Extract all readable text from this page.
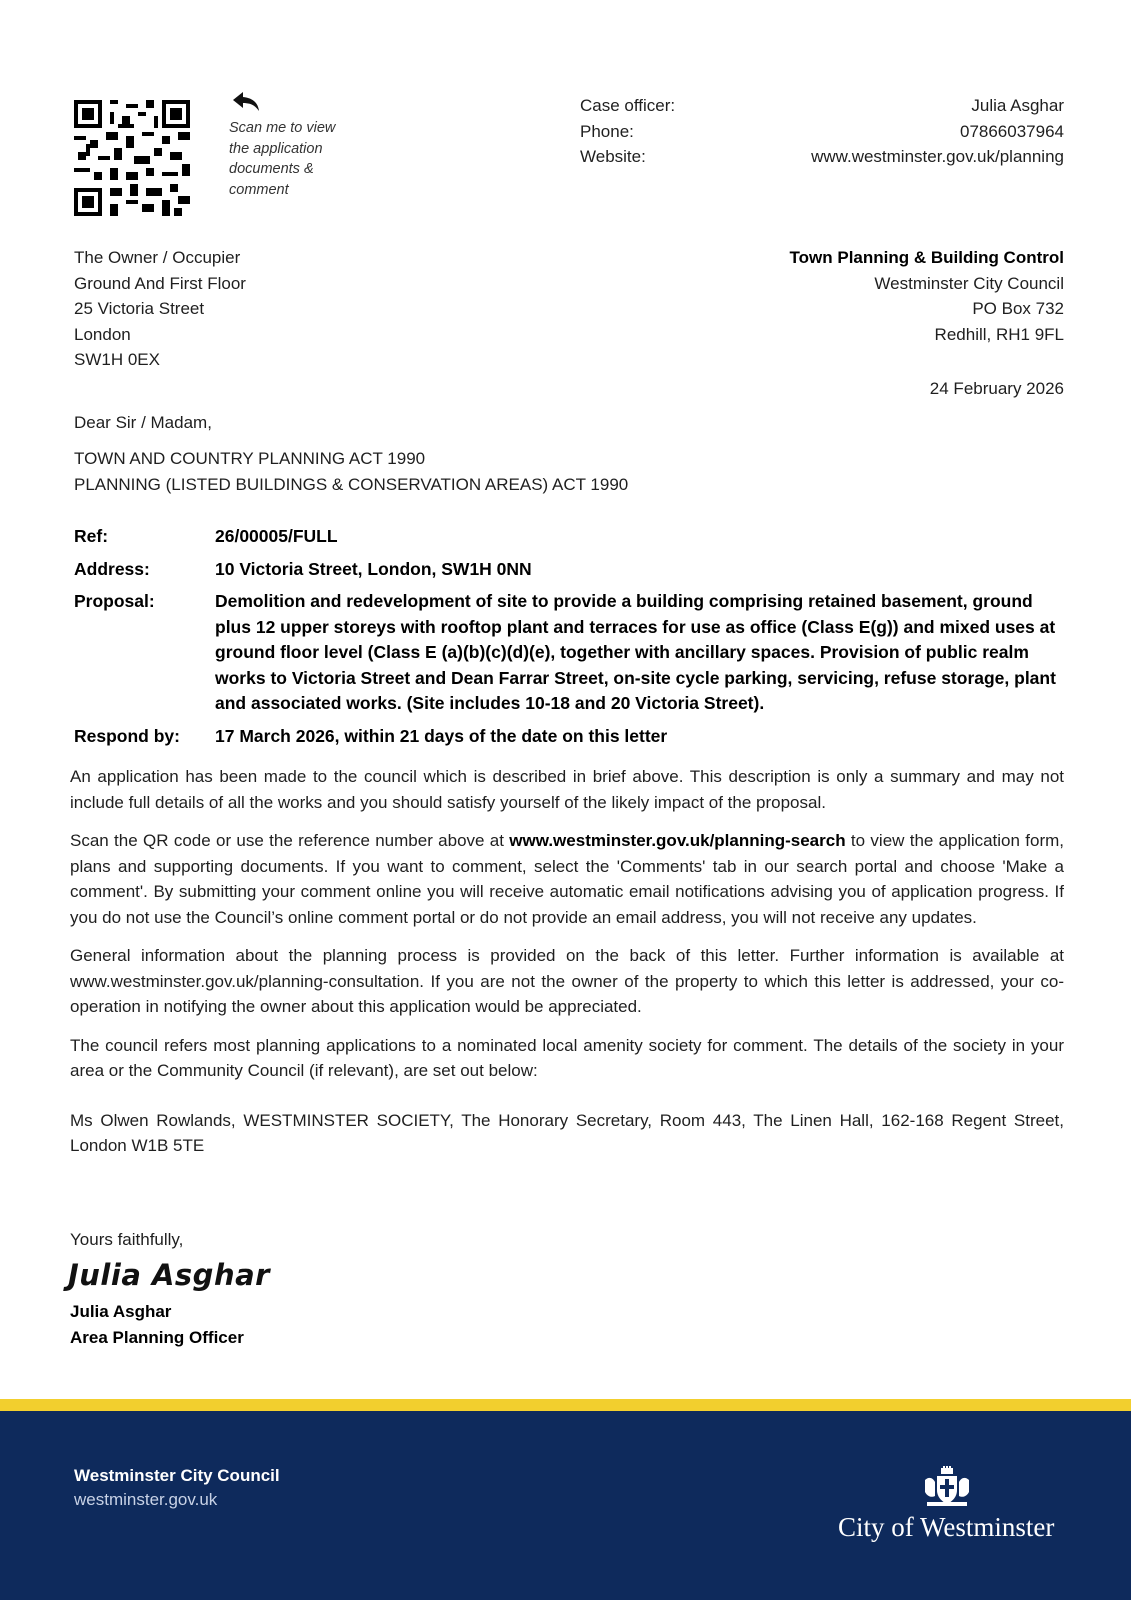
Scan me to view the application documents & comment
Case officer:	Julia Asghar
Phone:	07866037964
Website:	www.westminster.gov.uk/planning
The Owner / Occupier
Ground And First Floor
25 Victoria Street
London
SW1H 0EX
Town Planning & Building Control
Westminster City Council
PO Box 732
Redhill, RH1 9FL
24 February 2026
Dear Sir / Madam,
TOWN AND COUNTRY PLANNING ACT 1990
PLANNING (LISTED BUILDINGS & CONSERVATION AREAS) ACT 1990
Ref:	26/00005/FULL
Address:	10 Victoria Street, London, SW1H 0NN
Proposal:	Demolition and redevelopment of site to provide a building comprising retained basement, ground plus 12 upper storeys with rooftop plant and terraces for use as office (Class E(g)) and mixed uses at ground floor level (Class E (a)(b)(c)(d)(e), together with ancillary spaces. Provision of public realm works to Victoria Street and Dean Farrar Street, on-site cycle parking, servicing, refuse storage, plant and associated works. (Site includes 10-18 and 20 Victoria Street).
Respond by:	17 March 2026, within 21 days of the date on this letter

An application has been made to the council which is described in brief above. This description is only a summary and may not include full details of all the works and you should satisfy yourself of the likely impact of the proposal.

Scan the QR code or use the reference number above at www.westminster.gov.uk/planning-search to view the application form, plans and supporting documents. If you want to comment, select the 'Comments' tab in our search portal and choose 'Make a comment'. By submitting your comment online you will receive automatic email notifications advising you of application progress. If you do not use the Council’s online comment portal or do not provide an email address, you will not receive any updates.

General information about the planning process is provided on the back of this letter. Further information is available at www.westminster.gov.uk/planning-consultation. If you are not the owner of the property to which this letter is addressed, your co-operation in notifying the owner about this application would be appreciated.

The council refers most planning applications to a nominated local amenity society for comment. The details of the society in your area or the Community Council (if relevant), are set out below:

Ms Olwen Rowlands, WESTMINSTER SOCIETY, The Honorary Secretary, Room 443, The Linen Hall, 162-168 Regent Street, London W1B 5TE

Yours faithfully,
Julia Asghar
Julia Asghar
Area Planning Officer
Westminster City Council
westminster.gov.uk
City of Westminster
